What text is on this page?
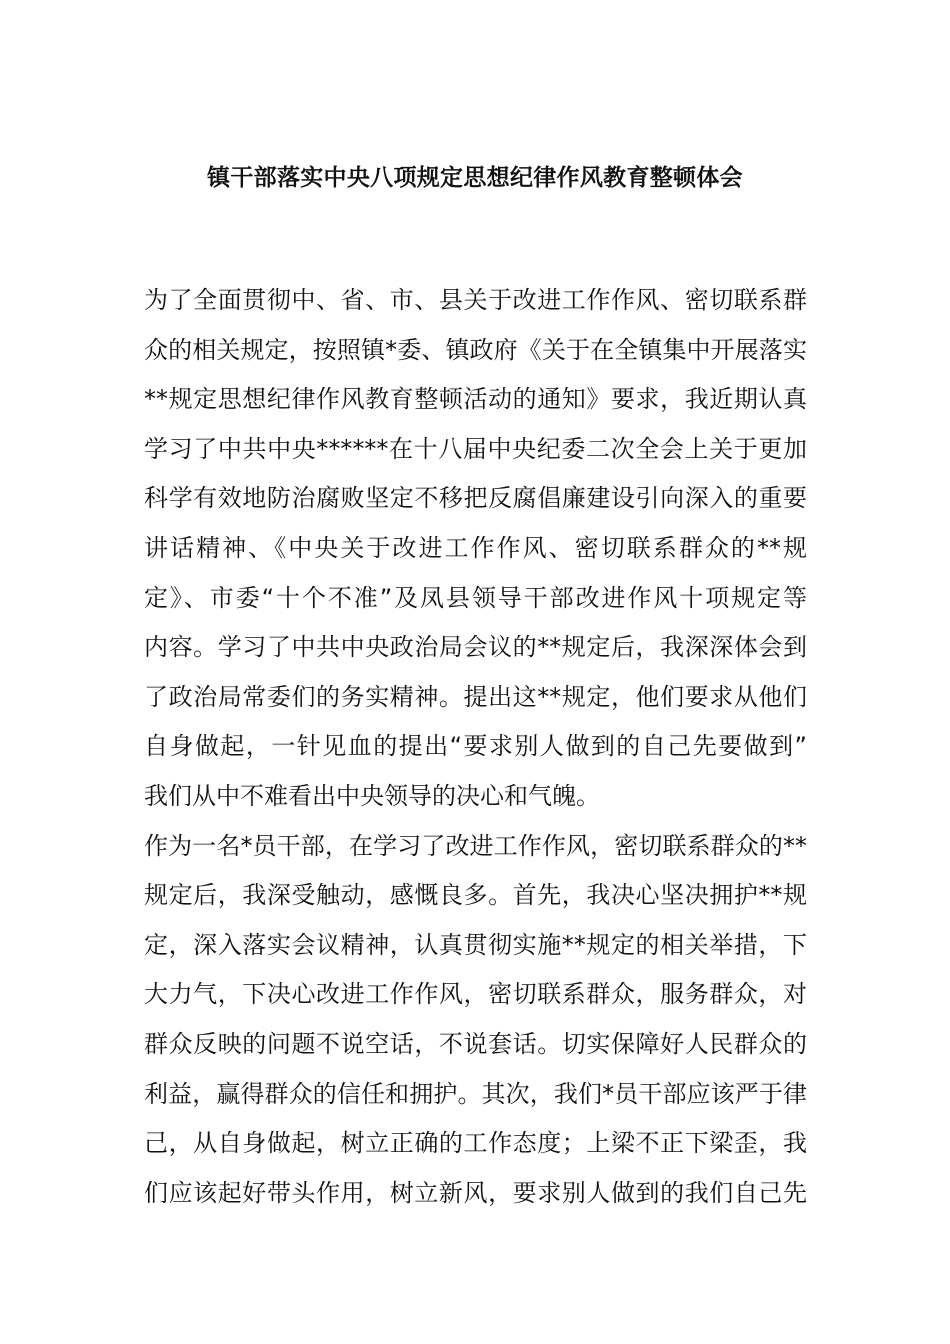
镇干部落实中央八项规定思想纪律作风教育整顿体会
为了全面贯彻中、省、市、县关于改进工作作风、密切联系群
众的相关规定，按照镇*委、镇政府《关于在全镇集中开展落实
**规定思想纪律作风教育整顿活动的通知》要求，我近期认真
学习了中共中央******在十八届中央纪委二次全会上关于更加
科学有效地防治腐败坚定不移把反腐倡廉建设引向深入的重要
讲话精神、《中央关于改进工作作风、密切联系群众的**规
定》、市委“十个不准”及凤县领导干部改进作风十项规定等
内容。学习了中共中央政治局会议的**规定后，我深深体会到
了政治局常委们的务实精神。提出这**规定，他们要求从他们
自身做起，一针见血的提出“要求别人做到的自己先要做到”
我们从中不难看出中央领导的决心和气魄。
作为一名*员干部，在学习了改进工作作风，密切联系群众的**
规定后，我深受触动，感慨良多。首先，我决心坚决拥护**规
定，深入落实会议精神，认真贯彻实施**规定的相关举措，下
大力气，下决心改进工作作风，密切联系群众，服务群众，对
群众反映的问题不说空话，不说套话。切实保障好人民群众的
利益，赢得群众的信任和拥护。其次，我们*员干部应该严于律
己，从自身做起，树立正确的工作态度；上梁不正下梁歪，我
们应该起好带头作用，树立新风，要求别人做到的我们自己先
